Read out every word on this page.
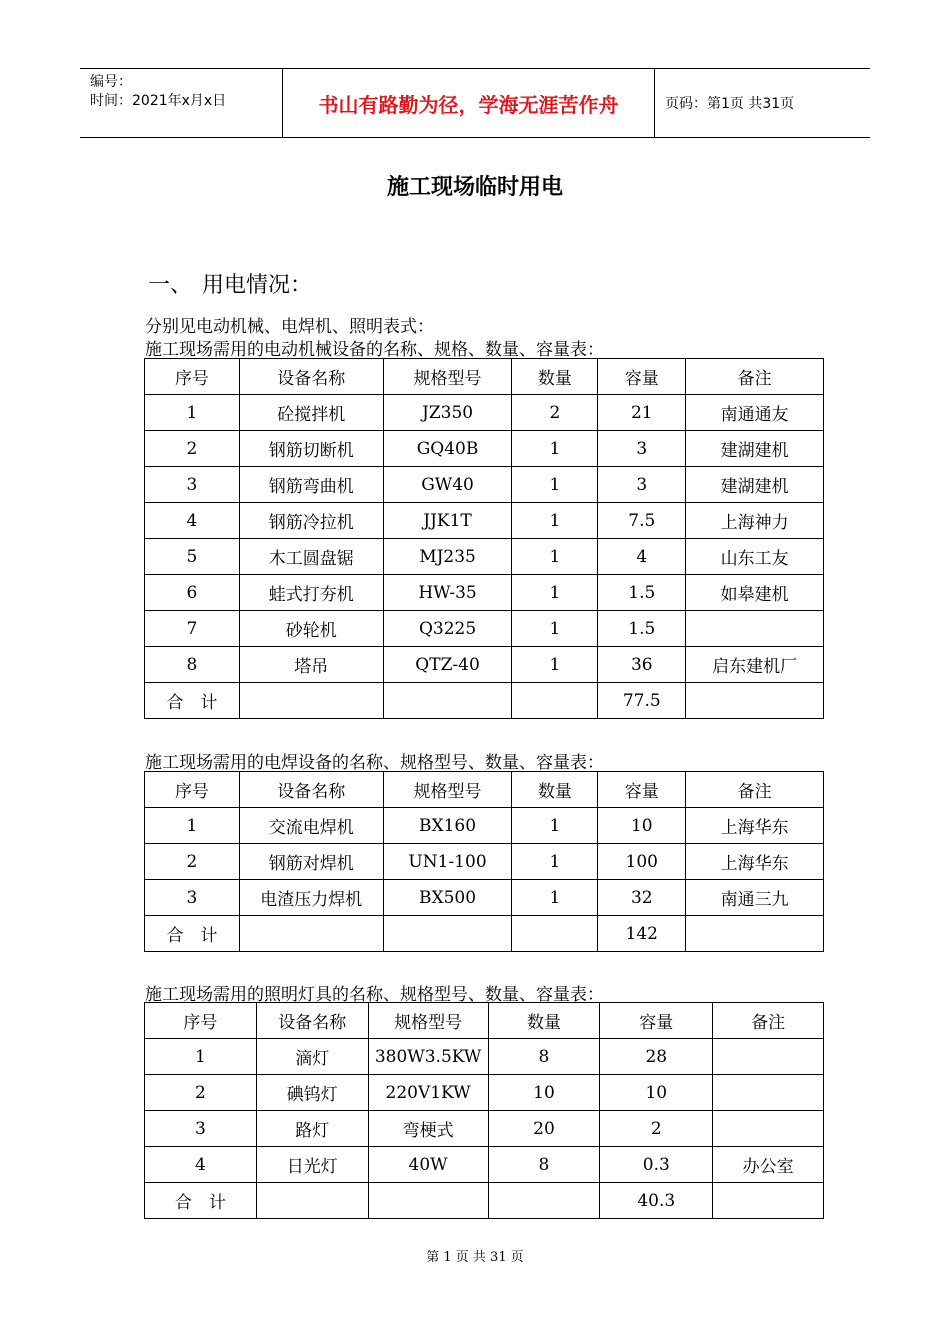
编号：
时间：2021年x月x日	书山有路勤为径，学海无涯苦作舟	页码：第1页 共31页
施工现场临时用电
一、 用电情况：
分别见电动机械、电焊机、照明表式：
施工现场需用的电动机械设备的名称、规格、数量、容量表：
序号	设备名称	规格型号	数量	容量	备注
1	砼搅拌机	JZ350	2	21	南通通友
2	钢筋切断机	GQ40B	1	3	建湖建机
3	钢筋弯曲机	GW40	1	3	建湖建机
4	钢筋冷拉机	JJK1T	1	7.5	上海神力
5	木工圆盘锯	MJ235	1	4	山东工友
6	蛙式打夯机	HW-35	1	1.5	如皋建机
7	砂轮机	Q3225	1	1.5	
8	塔吊	QTZ-40	1	36	启东建机厂
合　计				77.5	
施工现场需用的电焊设备的名称、规格型号、数量、容量表：
序号	设备名称	规格型号	数量	容量	备注
1	交流电焊机	BX160	1	10	上海华东
2	钢筋对焊机	UN1-100	1	100	上海华东
3	电渣压力焊机	BX500	1	32	南通三九
合　计				142	
施工现场需用的照明灯具的名称、规格型号、数量、容量表：
序号	设备名称	规格型号	数量	容量	备注
1	滴灯	380W3.5KW	8	28	
2	碘钨灯	220V1KW	10	10	
3	路灯	弯梗式	20	2	
4	日光灯	40W	8	0.3	办公室
合　计				40.3	
第 1 页 共 31 页
